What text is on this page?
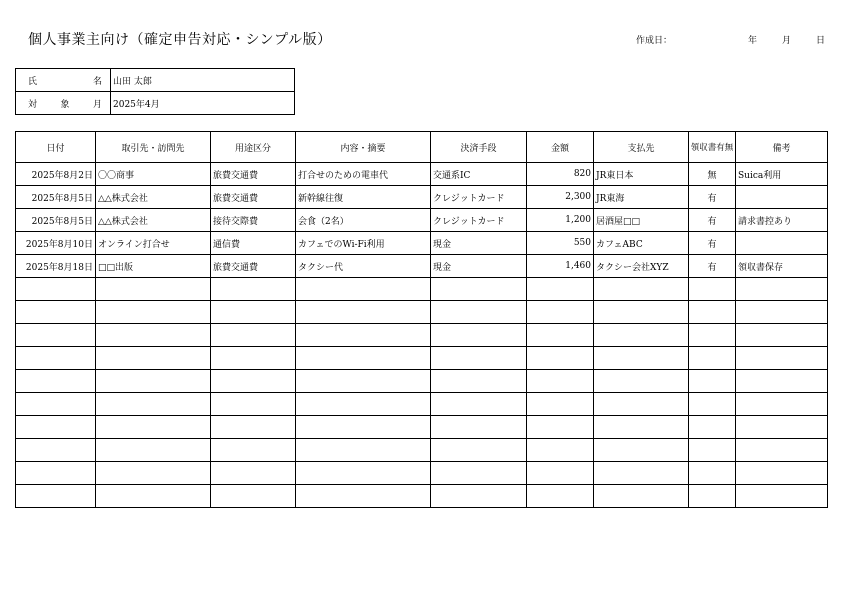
個人事業主向け（確定申告対応・シンプル版）	作成日：	年	月	日
氏　名	山田 太郎
対象月	2025年4月
日付	取引先・訪問先	用途区分	内容・摘要	決済手段	金額	支払先	領収書有無	備考
2025年8月2日	〇〇商事	旅費交通費	打合せのための電車代	交通系IC	820	JR東日本	無	Suica利用
2025年8月5日	△△株式会社	旅費交通費	新幹線往復	クレジットカード	2,300	JR東海	有	
2025年8月5日	△△株式会社	接待交際費	会食（2名）	クレジットカード	1,200	居酒屋□□	有	請求書控あり
2025年8月10日	オンライン打合せ	通信費	カフェでのWi-Fi利用	現金	550	カフェABC	有	
2025年8月18日	□□出版	旅費交通費	タクシー代	現金	1,460	タクシー会社XYZ	有	領収書保存
